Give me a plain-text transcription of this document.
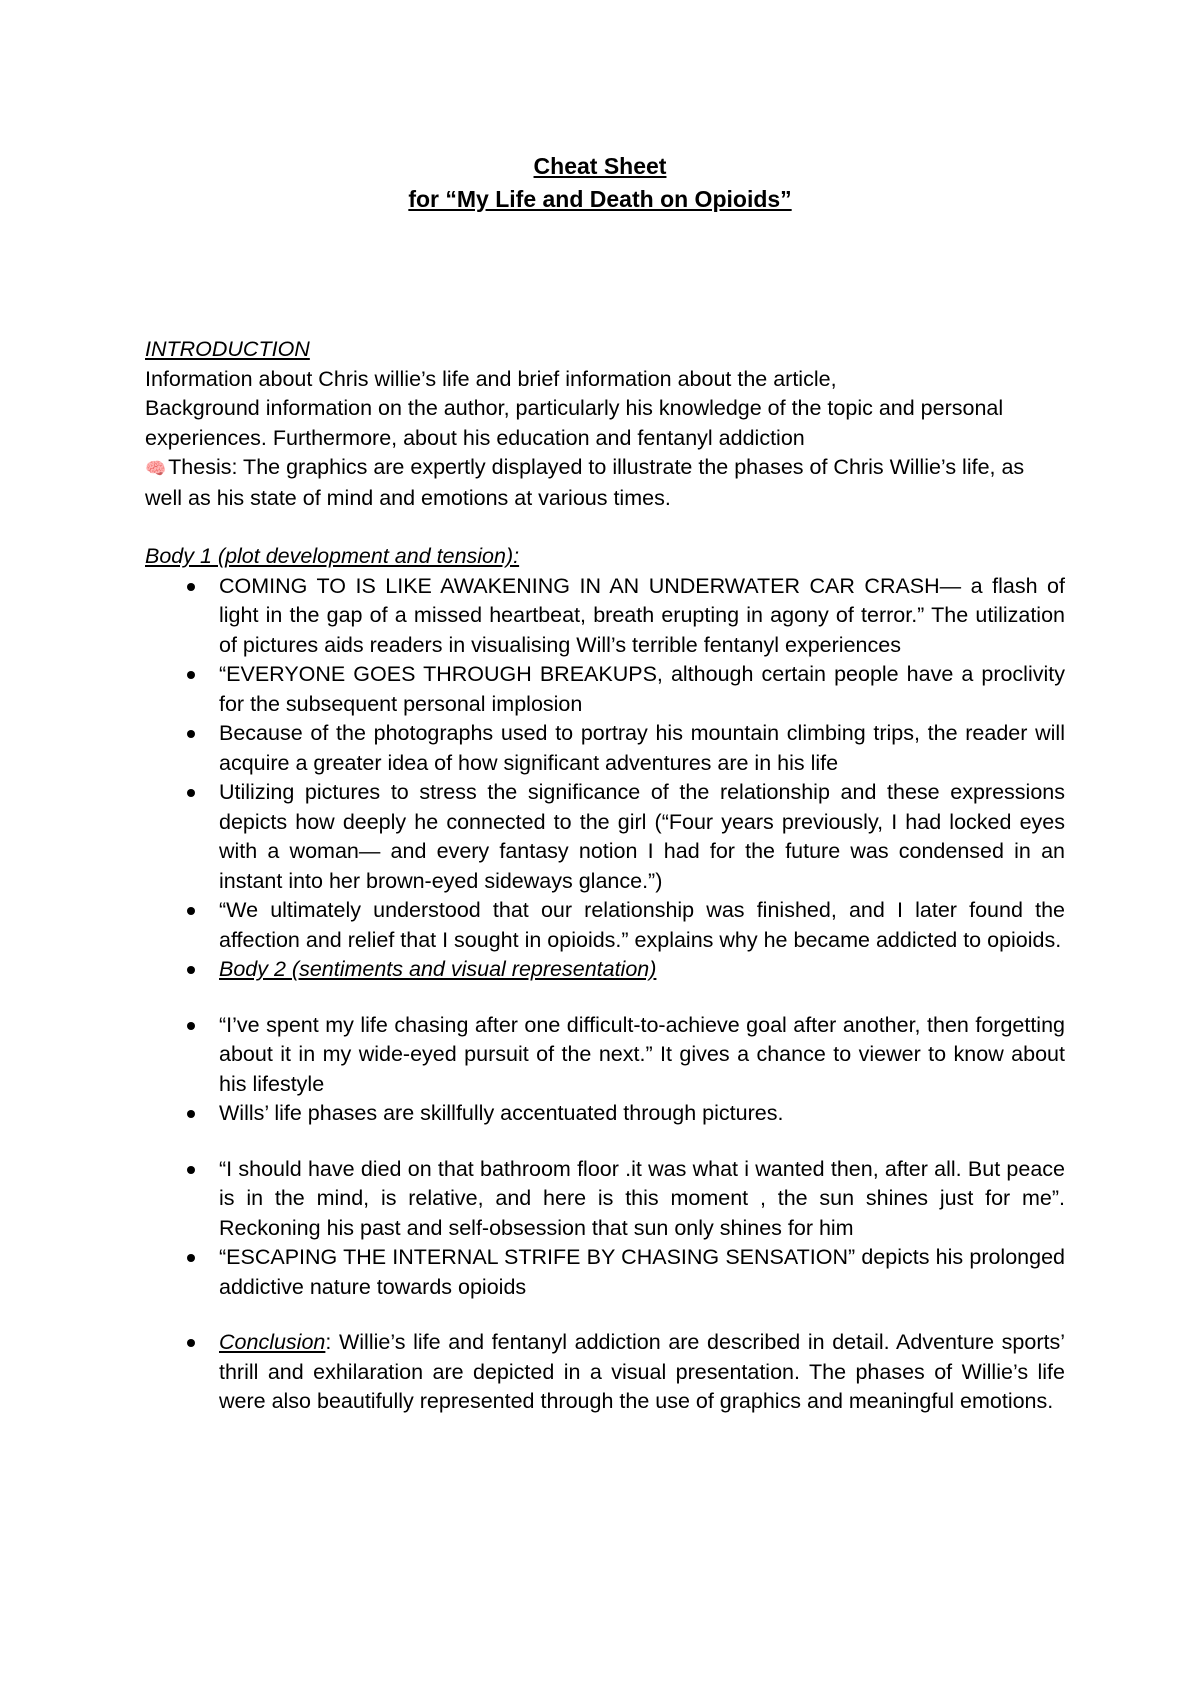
Cheat Sheet
for “My Life and Death on Opioids”

INTRODUCTION

Information about Chris willie’s life and brief information about the article,

Background information on the author, particularly his knowledge of the topic and personal experiences. Furthermore, about his education and fentanyl addiction

🧠Thesis: The graphics are expertly displayed to illustrate the phases of Chris Willie’s life, as well as his state of mind and emotions at various times.

Body 1 (plot development and tension):

COMING TO IS LIKE AWAKENING IN AN UNDERWATER CAR CRASH— a flash of light in the gap of a missed heartbeat, breath erupting in agony of terror.” The utilization of pictures aids readers in visualising Will’s terrible fentanyl experiences
“EVERYONE GOES THROUGH BREAKUPS, although certain people have a proclivity for the subsequent personal implosion
Because of the photographs used to portray his mountain climbing trips, the reader will acquire a greater idea of how significant adventures are in his life
Utilizing pictures to stress the significance of the relationship and these expressions depicts how deeply he connected to the girl (“Four years previously, I had locked eyes with a woman— and every fantasy notion I had for the future was condensed in an instant into her brown-eyed sideways glance.”)
“We ultimately understood that our relationship was finished, and I later found the affection and relief that I sought in opioids.” explains why he became addicted to opioids.
Body 2 (sentiments and visual representation)
“I’ve spent my life chasing after one difficult-to-achieve goal after another, then forgetting about it in my wide-eyed pursuit of the next.” It gives a chance to viewer to know about his lifestyle
Wills’ life phases are skillfully accentuated through pictures.
“I should have died on that bathroom floor .it was what i wanted then, after all. But peace is in the mind, is relative, and here is this moment , the sun shines just for me”. Reckoning his past and self-obsession that sun only shines for him
“ESCAPING THE INTERNAL STRIFE BY CHASING SENSATION” depicts his prolonged addictive nature towards opioids
Conclusion: Willie’s life and fentanyl addiction are described in detail. Adventure sports’ thrill and exhilaration are depicted in a visual presentation. The phases of Willie’s life were also beautifully represented through the use of graphics and meaningful emotions.
